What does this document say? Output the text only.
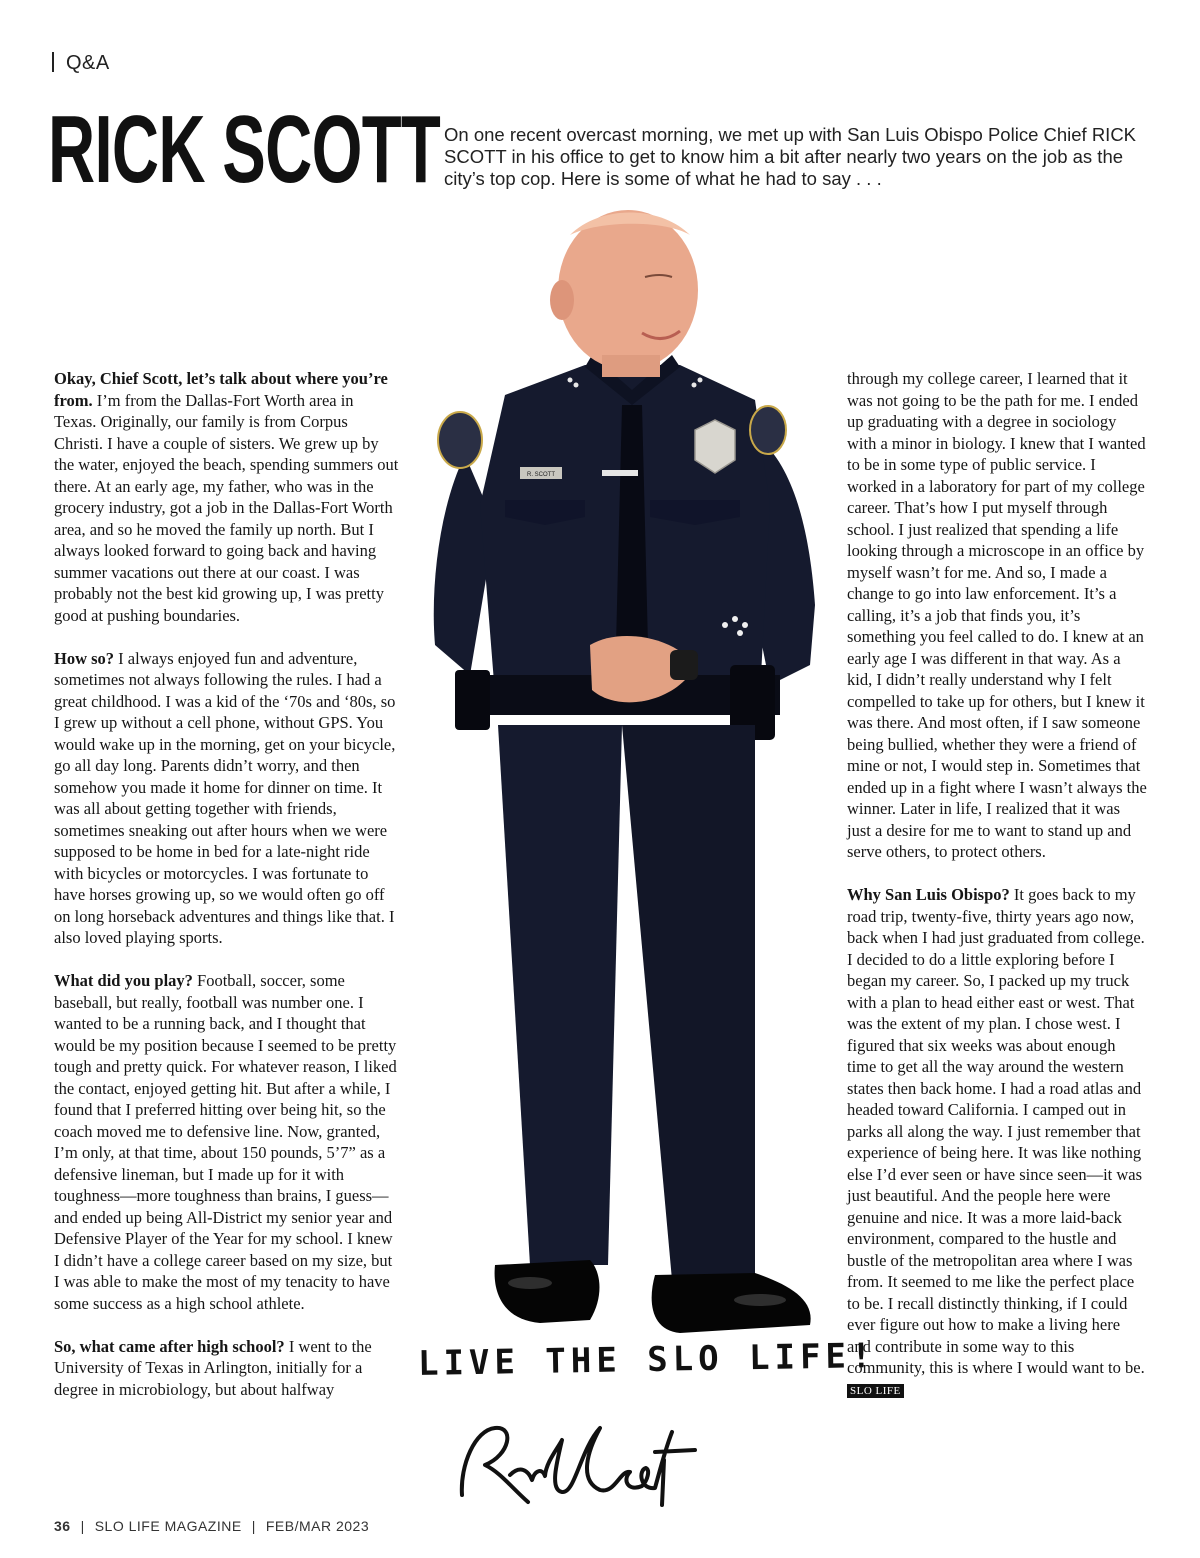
Q&A
RICK SCOTT On one recent overcast morning, we met up with San Luis Obispo Police Chief RICK SCOTT in his office to get to know him a bit after nearly two years on the job as the city’s top cop. Here is some of what he had to say . . .

Okay, Chief Scott, let’s talk about where you’re from. I’m from the Dallas-Fort Worth area in Texas. Originally, our family is from Corpus Christi. I have a couple of sisters. We grew up by the water, enjoyed the beach, spending summers out there. At an early age, my father, who was in the grocery industry, got a job in the Dallas-Fort Worth area, and so he moved the family up north. But I always looked forward to going back and having summer vacations out there at our coast. I was probably not the best kid growing up, I was pretty good at pushing boundaries.

How so? I always enjoyed fun and adventure, sometimes not always following the rules. I had a great childhood. I was a kid of the ‘70s and ‘80s, so I grew up without a cell phone, without GPS. You would wake up in the morning, get on your bicycle, go all day long. Parents didn’t worry, and then somehow you made it home for dinner on time. It was all about getting together with friends, sometimes sneaking out after hours when we were supposed to be home in bed for a late-night ride with bicycles or motorcycles. I was fortunate to have horses growing up, so we would often go off on long horseback adventures and things like that. I also loved playing sports.

What did you play? Football, soccer, some baseball, but really, football was number one. I wanted to be a running back, and I thought that would be my position because I seemed to be pretty tough and pretty quick. For whatever reason, I liked the contact, enjoyed getting hit. But after a while, I found that I preferred hitting over being hit, so the coach moved me to defensive line. Now, granted, I’m only, at that time, about 150 pounds, 5’7” as a defensive lineman, but I made up for it with toughness—more toughness than brains, I guess—and ended up being All-District my senior year and Defensive Player of the Year for my school. I knew I didn’t have a college career based on my size, but I was able to make the most of my tenacity to have some success as a high school athlete.

So, what came after high school? I went to the University of Texas in Arlington, initially for a degree in microbiology, but about halfway

through my college career, I learned that it was not going to be the path for me. I ended up graduating with a degree in sociology with a minor in biology. I knew that I wanted to be in some type of public service. I worked in a laboratory for part of my college career. That’s how I put myself through school. I just realized that spending a life looking through a microscope in an office by myself wasn’t for me. And so, I made a change to go into law enforcement. It’s a calling, it’s a job that finds you, it’s something you feel called to do. I knew at an early age I was different in that way. As a kid, I didn’t really understand why I felt compelled to take up for others, but I knew it was there. And most often, if I saw someone being bullied, whether they were a friend of mine or not, I would step in. Sometimes that ended up in a fight where I wasn’t always the winner. Later in life, I realized that it was just a desire for me to want to stand up and serve others, to protect others.

Why San Luis Obispo? It goes back to my road trip, twenty-five, thirty years ago now, back when I had just graduated from college. I decided to do a little exploring before I began my career. So, I packed up my truck with a plan to head either east or west. That was the extent of my plan. I chose west. I figured that six weeks was about enough time to get all the way around the western states then back home. I had a road atlas and headed toward California. I camped out in parks all along the way. I just remember that experience of being here. It was like nothing else I’d ever seen or have since seen—it was just beautiful. And the people here were genuine and nice. It was a more laid-back environment, compared to the hustle and bustle of the metropolitan area where I was from. It seemed to me like the perfect place to be. I recall distinctly thinking, if I could ever figure out how to make a living here and contribute in some way to this community, this is where I would want to be. SLO LIFE

R. SCOTT
LIVE THE SLO LIFE!
36 | SLO LIFE MAGAZINE | FEB/MAR 2023
